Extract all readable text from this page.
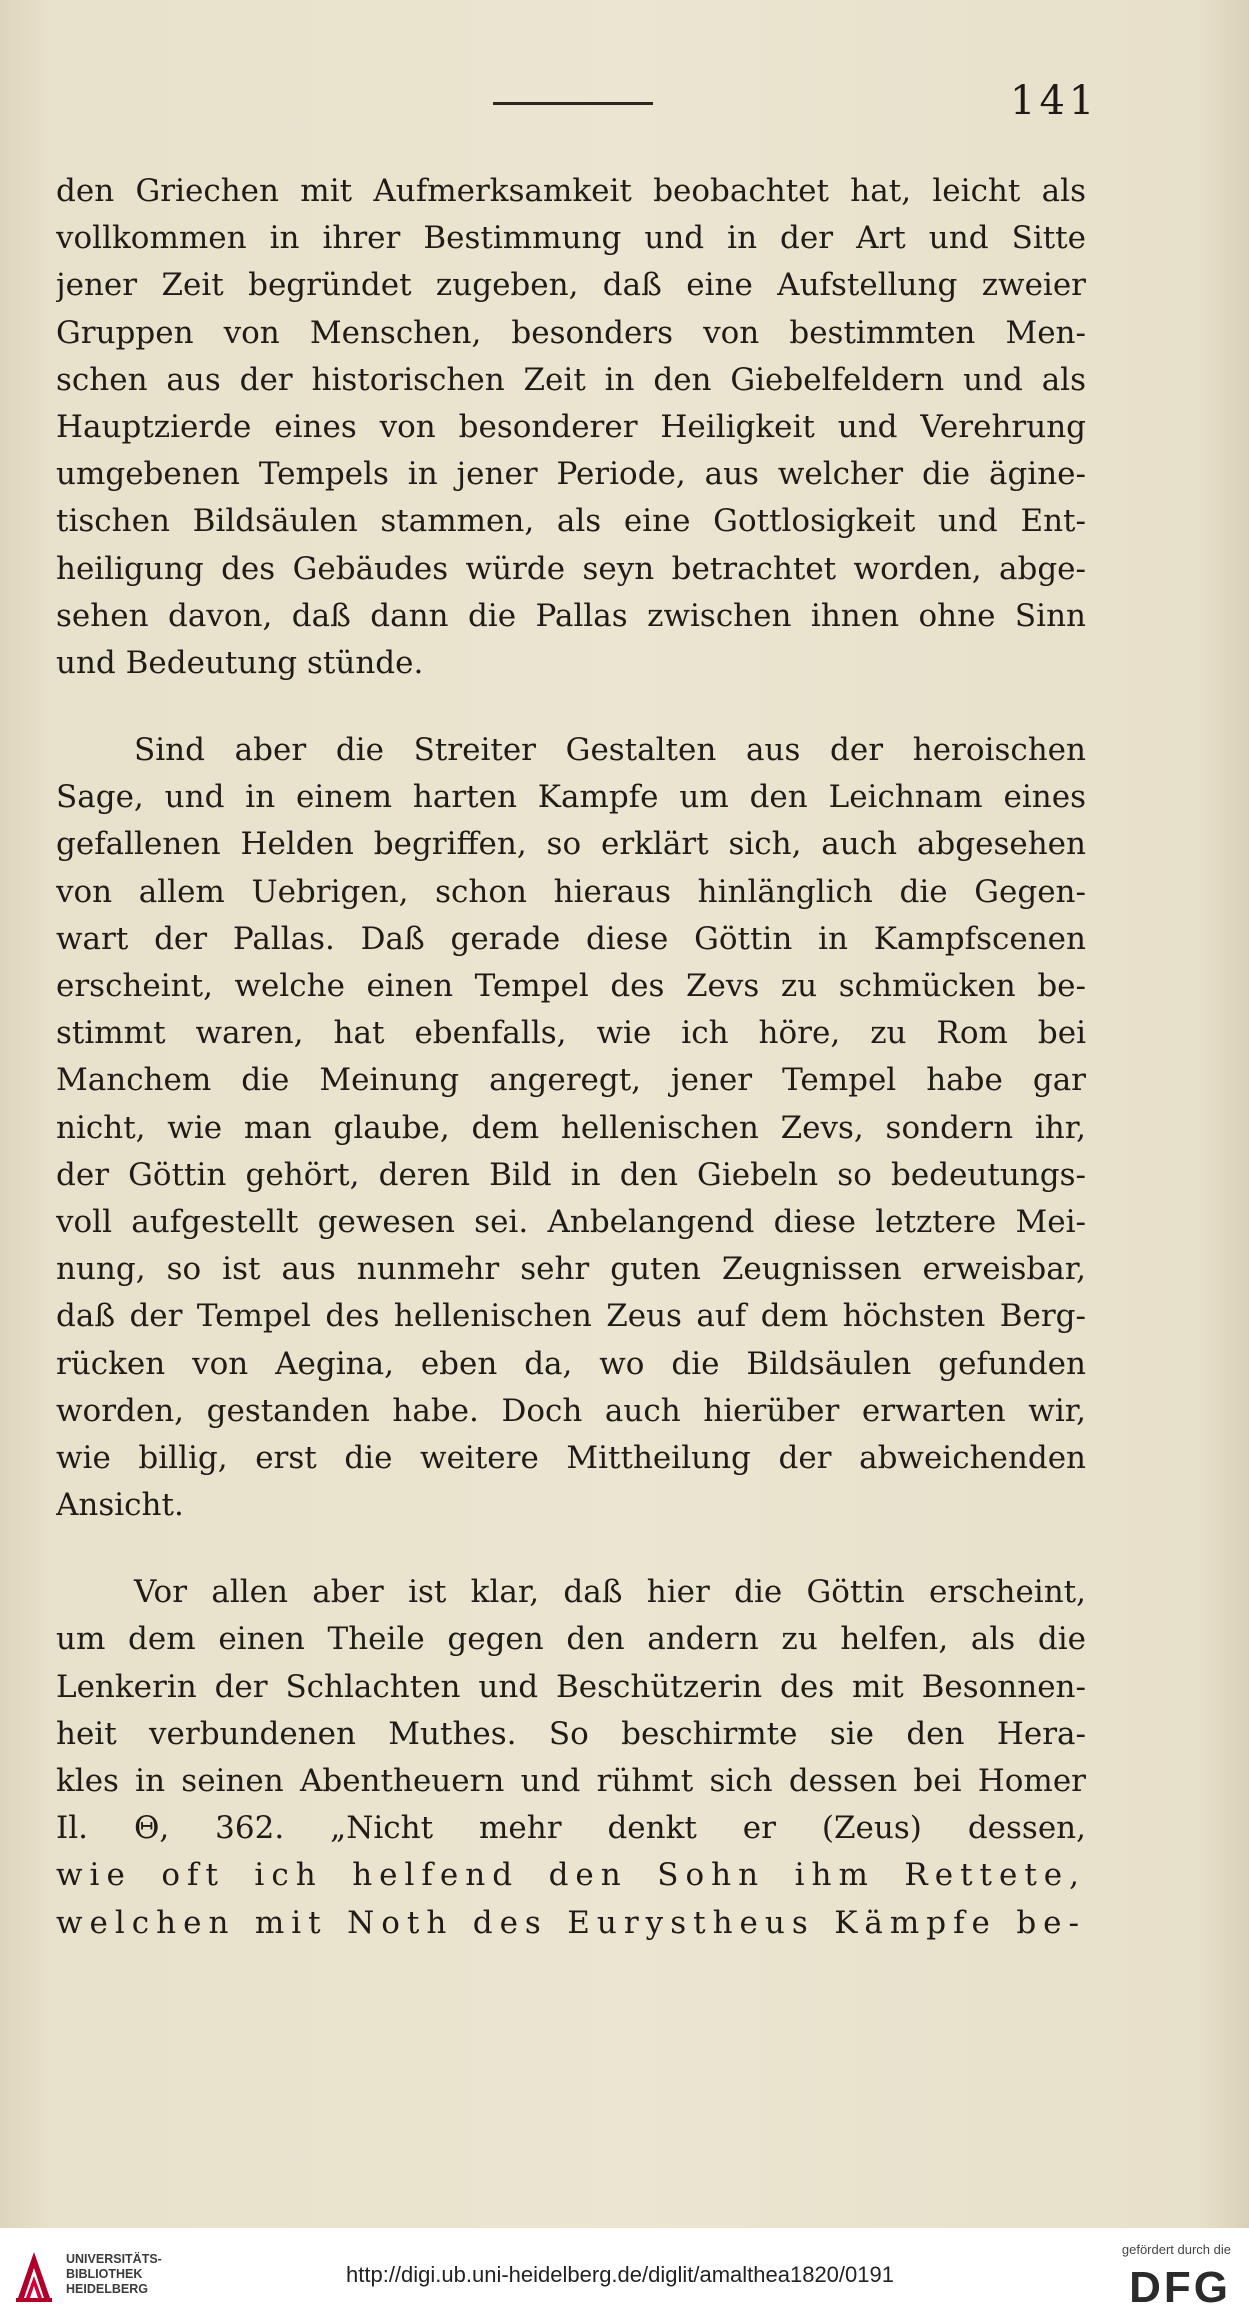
141
den Griechen mit Aufmerksamkeit beobachtet hat, leicht als
vollkommen in ihrer Bestimmung und in der Art und Sitte
jener Zeit begründet zugeben, daß eine Aufstellung zweier
Gruppen von Menschen, besonders von bestimmten Men-
schen aus der historischen Zeit in den Giebelfeldern und als
Hauptzierde eines von besonderer Heiligkeit und Verehrung
umgebenen Tempels in jener Periode, aus welcher die ägine-
tischen Bildsäulen stammen, als eine Gottlosigkeit und Ent-
heiligung des Gebäudes würde seyn betrachtet worden, abge-
sehen davon, daß dann die Pallas zwischen ihnen ohne Sinn
und Bedeutung stünde.
Sind aber die Streiter Gestalten aus der heroischen
Sage, und in einem harten Kampfe um den Leichnam eines
gefallenen Helden begriffen, so erklärt sich, auch abgesehen
von allem Uebrigen, schon hieraus hinlänglich die Gegen-
wart der Pallas. Daß gerade diese Göttin in Kampfscenen
erscheint, welche einen Tempel des Zevs zu schmücken be-
stimmt waren, hat ebenfalls, wie ich höre, zu Rom bei
Manchem die Meinung angeregt, jener Tempel habe gar
nicht, wie man glaube, dem hellenischen Zevs, sondern ihr,
der Göttin gehört, deren Bild in den Giebeln so bedeutungs-
voll aufgestellt gewesen sei. Anbelangend diese letztere Mei-
nung, so ist aus nunmehr sehr guten Zeugnissen erweisbar,
daß der Tempel des hellenischen Zeus auf dem höchsten Berg-
rücken von Aegina, eben da, wo die Bildsäulen gefunden
worden, gestanden habe. Doch auch hierüber erwarten wir,
wie billig, erst die weitere Mittheilung der abweichenden
Ansicht.
Vor allen aber ist klar, daß hier die Göttin erscheint,
um dem einen Theile gegen den andern zu helfen, als die
Lenkerin der Schlachten und Beschützerin des mit Besonnen-
heit verbundenen Muthes. So beschirmte sie den Hera-
kles in seinen Abentheuern und rühmt sich dessen bei Homer
Il. Θ, 362. „Nicht mehr denkt er (Zeus) dessen,
wie oft ich helfend den Sohn ihm Rettete,
welchen mit Noth des Eurystheus Kämpfe be-
UNIVERSITÄTS-
BIBLIOTHEK
HEIDELBERG
http://digi.ub.uni-heidelberg.de/diglit/amalthea1820/0191
gefördert durch die
DFG
